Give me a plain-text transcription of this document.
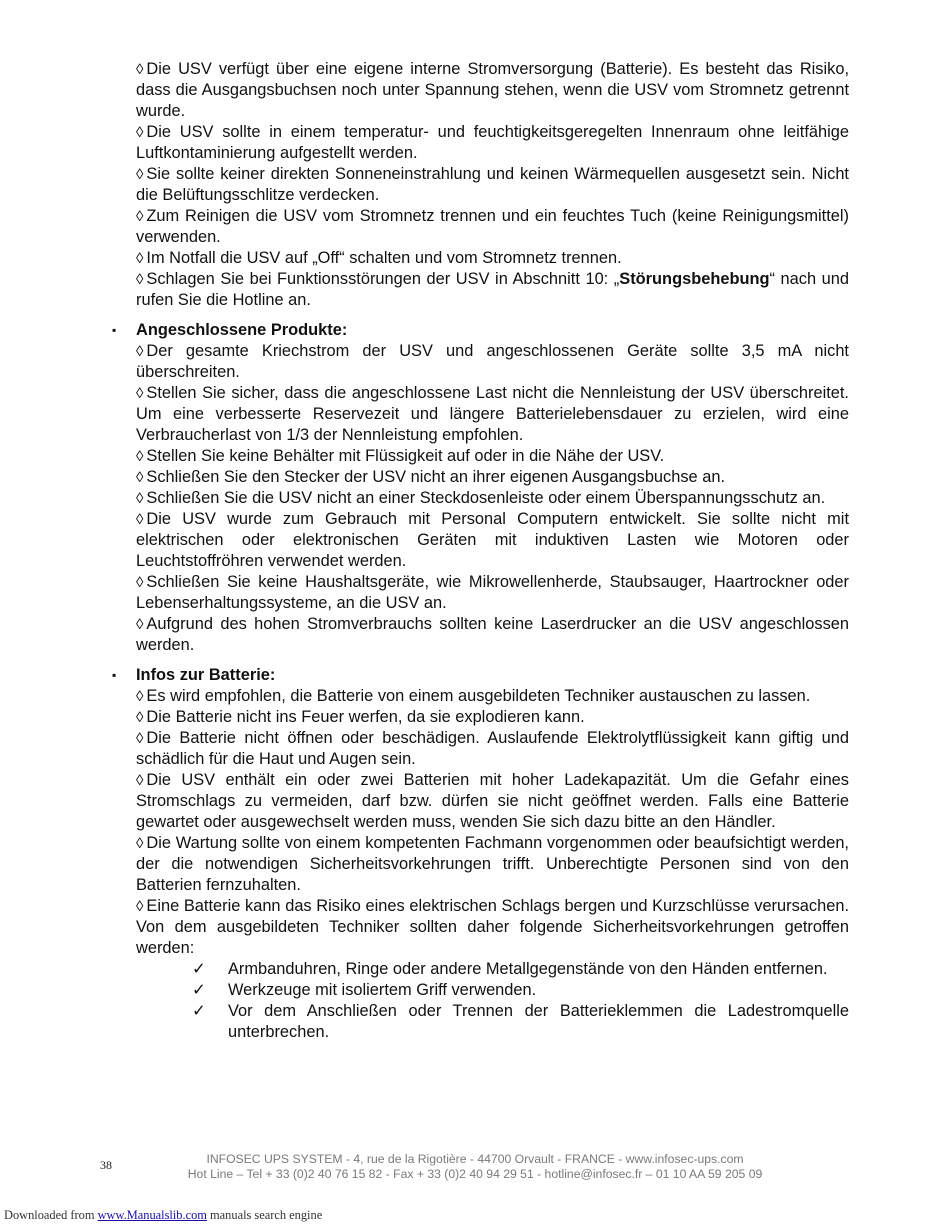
◊ Die USV verfügt über eine eigene interne Stromversorgung (Batterie). Es besteht das Risiko, dass die Ausgangsbuchsen noch unter Spannung stehen, wenn die USV vom Stromnetz getrennt wurde.
◊ Die USV sollte in einem temperatur- und feuchtigkeitsgeregelten Innenraum ohne leitfähige Luftkontaminierung aufgestellt werden.
◊ Sie sollte keiner direkten Sonneneinstrahlung und keinen Wärmequellen ausgesetzt sein. Nicht die Belüftungsschlitze verdecken.
◊ Zum Reinigen die USV vom Stromnetz trennen und ein feuchtes Tuch (keine Reinigungsmittel) verwenden.
◊ Im Notfall die USV auf „Off“ schalten und vom Stromnetz trennen.
◊ Schlagen Sie bei Funktionsstörungen der USV in Abschnitt 10: „Störungsbehebung“ nach und rufen Sie die Hotline an.
▪ Angeschlossene Produkte:
◊ Der gesamte Kriechstrom der USV und angeschlossenen Geräte sollte 3,5 mA nicht überschreiten.
◊ Stellen Sie sicher, dass die angeschlossene Last nicht die Nennleistung der USV überschreitet. Um eine verbesserte Reservezeit und längere Batterielebensdauer zu erzielen, wird eine Verbraucherlast von 1/3 der Nennleistung empfohlen.
◊ Stellen Sie keine Behälter mit Flüssigkeit auf oder in die Nähe der USV.
◊ Schließen Sie den Stecker der USV nicht an ihrer eigenen Ausgangsbuchse an.
◊ Schließen Sie die USV nicht an einer Steckdosenleiste oder einem Überspannungsschutz an.
◊ Die USV wurde zum Gebrauch mit Personal Computern entwickelt. Sie sollte nicht mit elektrischen oder elektronischen Geräten mit induktiven Lasten wie Motoren oder Leuchtstoffröhren verwendet werden.
◊ Schließen Sie keine Haushaltsgeräte, wie Mikrowellenherde, Staubsauger, Haartrockner oder Lebenserhaltungssysteme, an die USV an.
◊ Aufgrund des hohen Stromverbrauchs sollten keine Laserdrucker an die USV angeschlossen werden.
▪ Infos zur Batterie:
◊ Es wird empfohlen, die Batterie von einem ausgebildeten Techniker austauschen zu lassen.
◊ Die Batterie nicht ins Feuer werfen, da sie explodieren kann.
◊ Die Batterie nicht öffnen oder beschädigen. Auslaufende Elektrolytflüssigkeit kann giftig und schädlich für die Haut und Augen sein.
◊ Die USV enthält ein oder zwei Batterien mit hoher Ladekapazität. Um die Gefahr eines Stromschlags zu vermeiden, darf bzw. dürfen sie nicht geöffnet werden. Falls eine Batterie gewartet oder ausgewechselt werden muss, wenden Sie sich dazu bitte an den Händler.
◊ Die Wartung sollte von einem kompetenten Fachmann vorgenommen oder beaufsichtigt werden, der die notwendigen Sicherheitsvorkehrungen trifft. Unberechtigte Personen sind von den Batterien fernzuhalten.
◊ Eine Batterie kann das Risiko eines elektrischen Schlags bergen und Kurzschlüsse verursachen. Von dem ausgebildeten Techniker sollten daher folgende Sicherheitsvorkehrungen getroffen werden:
✓ Armbanduhren, Ringe oder andere Metallgegenstände von den Händen entfernen.
✓ Werkzeuge mit isoliertem Griff verwenden.
✓ Vor dem Anschließen oder Trennen der Batterieklemmen die Ladestromquelle unterbrechen.
38	INFOSEC UPS SYSTEM - 4, rue de la Rigotière - 44700 Orvault - FRANCE - www.infosec-ups.com
Hot Line – Tel + 33 (0)2 40 76 15 82 - Fax + 33 (0)2 40 94 29 51 - hotline@infosec.fr – 01 10 AA 59 205 09
Downloaded from www.Manualslib.com manuals search engine
